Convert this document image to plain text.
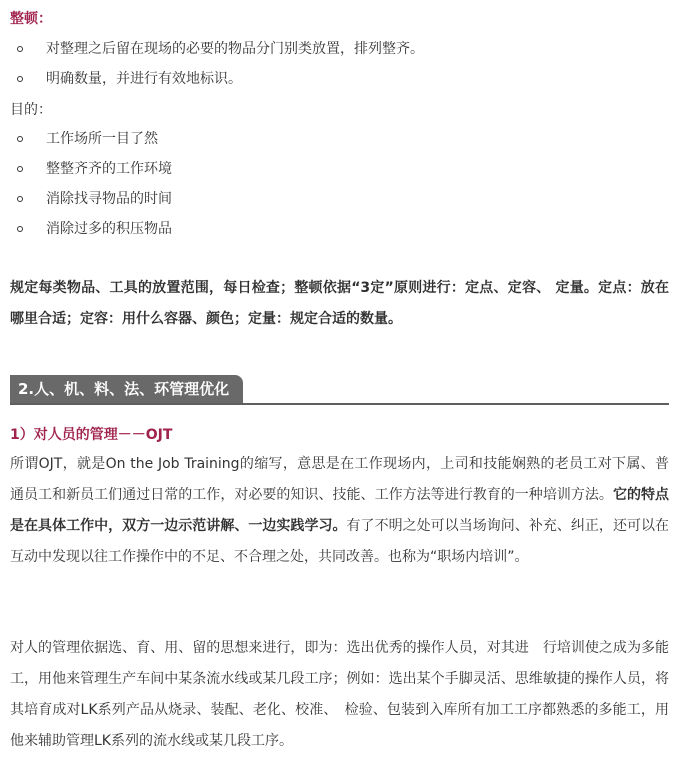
整顿：
对整理之后留在现场的必要的物品分门别类放置，排列整齐。
明确数量，并进行有效地标识。
目的：
工作场所一目了然
整整齐齐的工作环境
消除找寻物品的时间
消除过多的积压物品
规定每类物品、工具的放置范围，每日检查；整顿依据“3定”原则进行：定点、定容、 定量。定点：放在哪里合适；定容：用什么容器、颜色；定量：规定合适的数量。
2.人、机、料、法、环管理优化
1）对人员的管理－－OJT
所谓OJT，就是On the Job Training的缩写，意思是在工作现场内，上司和技能娴熟的老员工对下属、普通员工和新员工们通过日常的工作，对必要的知识、技能、工作方法等进行教育的一种培训方法。它的特点是在具体工作中，双方一边示范讲解、一边实践学习。有了不明之处可以当场询问、补充、纠正，还可以在互动中发现以往工作操作中的不足、不合理之处，共同改善。也称为“职场内培训”。
对人的管理依据选、育、用、留的思想来进行，即为：选出优秀的操作人员，对其进　行培训使之成为多能工，用他来管理生产车间中某条流水线或某几段工序；例如：选出某个手脚灵活、思维敏捷的操作人员，将其培育成对LK系列产品从烧录、装配、老化、校准、　检验、包装到入库所有加工工序都熟悉的多能工，用他来辅助管理LK系列的流水线或某几段工序。
